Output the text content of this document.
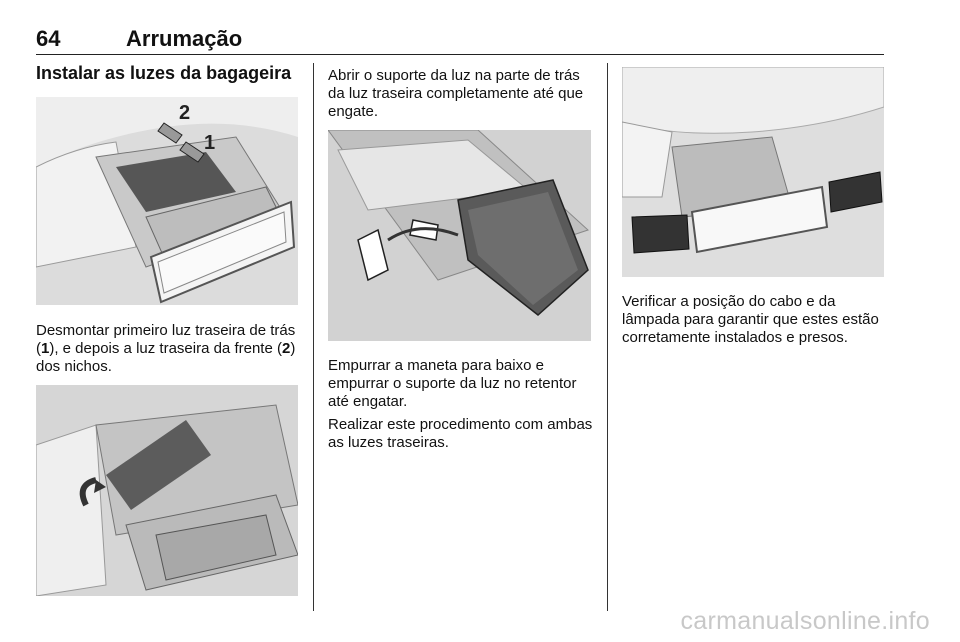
64	Arrumação
Instalar as luzes da bagageira
2
1

Desmontar primeiro luz traseira de trás (1), e depois a luz traseira da frente (2) dos nichos.

Abrir o suporte da luz na parte de trás da luz traseira completamente até que engate.

Empurrar a maneta para baixo e empurrar o suporte da luz no retentor até engatar.

Realizar este procedimento com ambas as luzes traseiras.

Verificar a posição do cabo e da lâmpada para garantir que estes estão corretamente instalados e presos.

carmanualsonline.info
